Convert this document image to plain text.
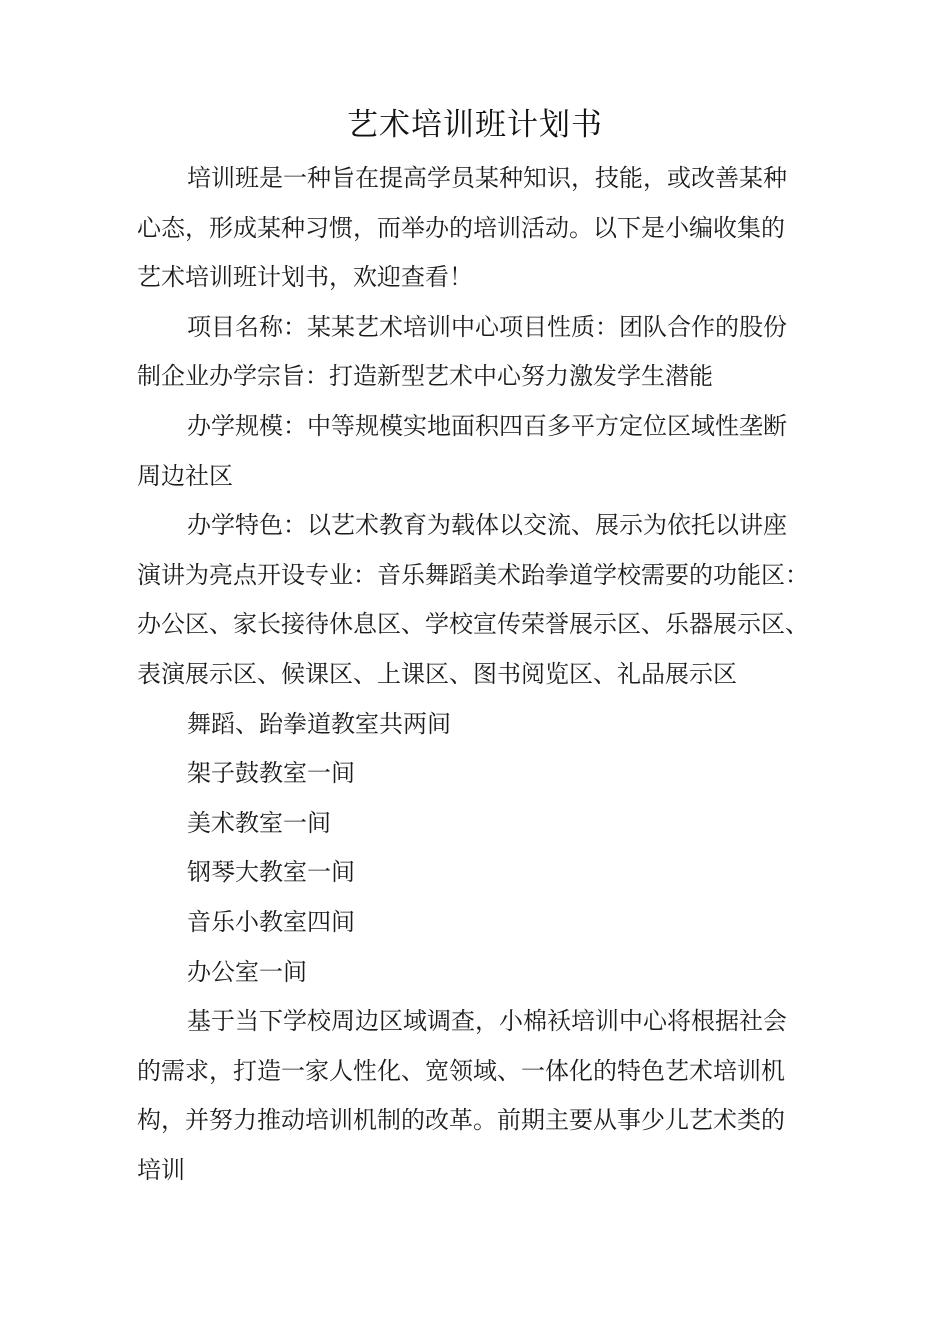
艺术培训班计划书

培训班是一种旨在提高学员某种知识，技能，或改善某种
心态，形成某种习惯，而举办的培训活动。以下是小编收集的
艺术培训班计划书，欢迎查看！

项目名称：某某艺术培训中心项目性质：团队合作的股份
制企业办学宗旨：打造新型艺术中心努力激发学生潜能

办学规模：中等规模实地面积四百多平方定位区域性垄断
周边社区

办学特色：以艺术教育为载体以交流、展示为依托以讲座
演讲为亮点开设专业：音乐舞蹈美术跆拳道学校需要的功能区：
办公区、家长接待休息区、学校宣传荣誉展示区、乐器展示区、
表演展示区、候课区、上课区、图书阅览区、礼品展示区

舞蹈、跆拳道教室共两间

架子鼓教室一间

美术教室一间

钢琴大教室一间

音乐小教室四间

办公室一间

基于当下学校周边区域调查，小棉袄培训中心将根据社会
的需求，打造一家人性化、宽领域、一体化的特色艺术培训机
构，并努力推动培训机制的改革。前期主要从事少儿艺术类的
培训
